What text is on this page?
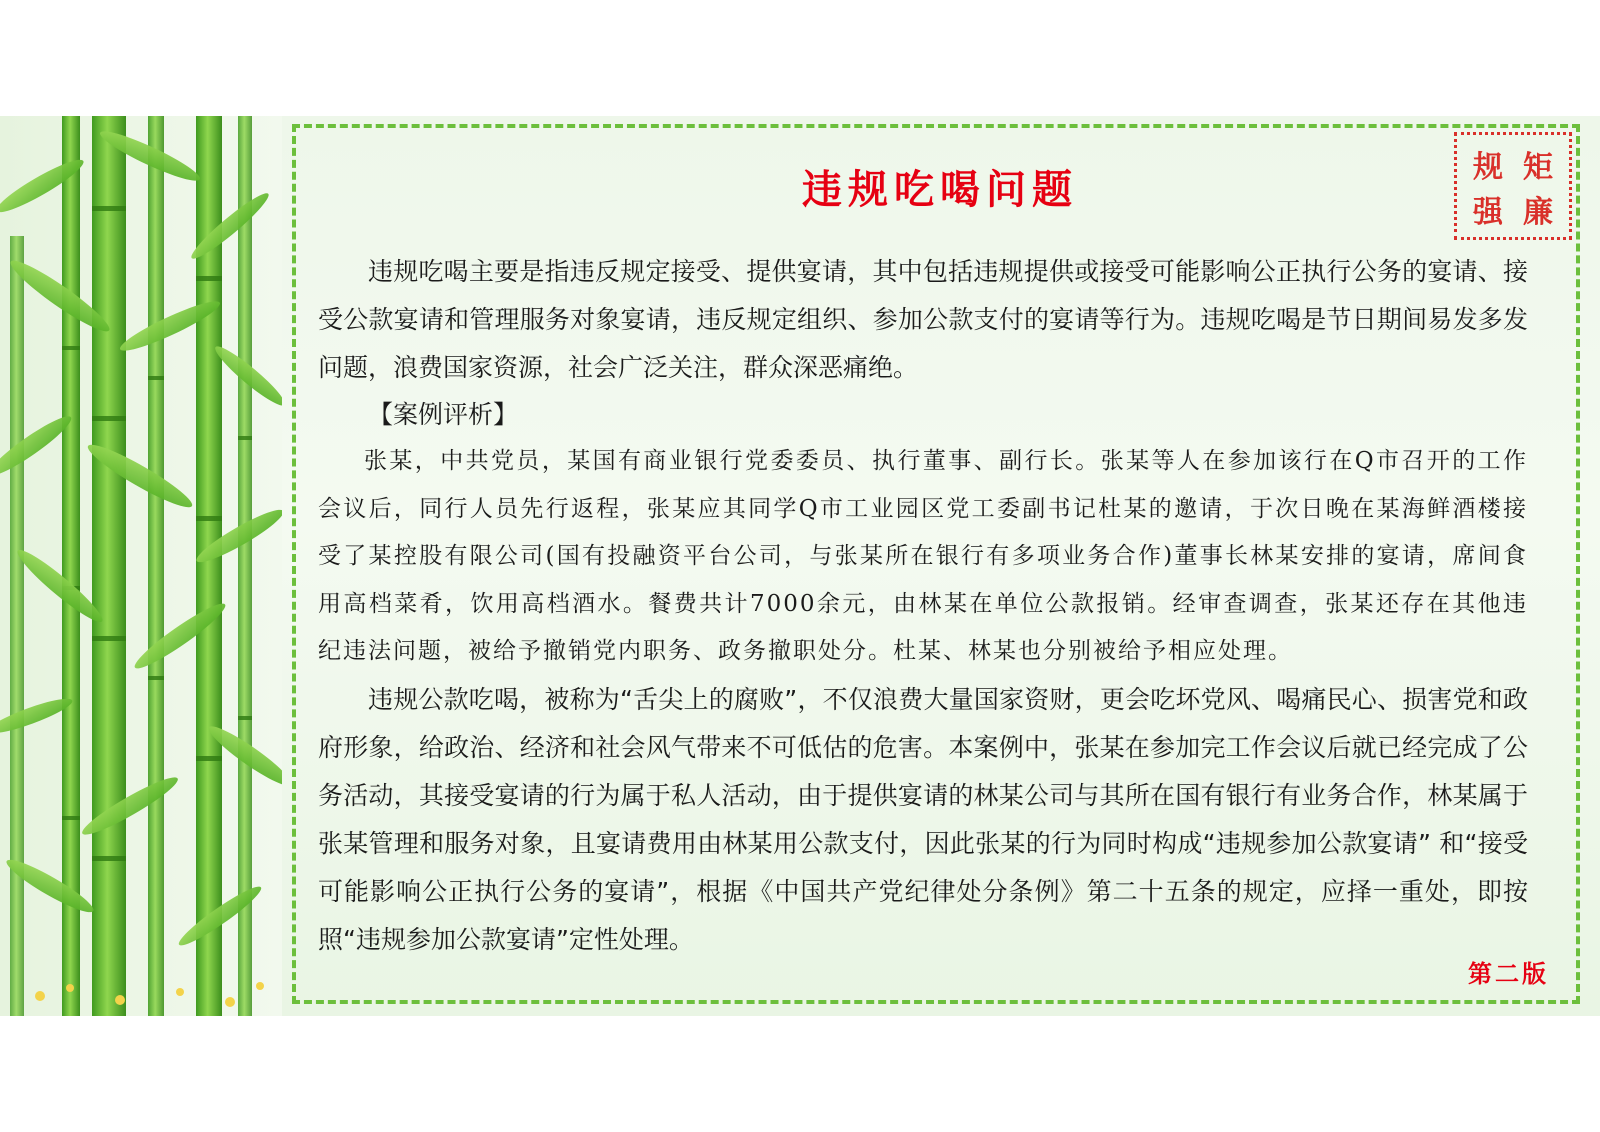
违规吃喝问题	规 矩
强 廉

违规吃喝主要是指违反规定接受、提供宴请，其中包括违规提供或接受可能影响公正执行公务的宴请、接受公款宴请和管理服务对象宴请，违反规定组织、参加公款支付的宴请等行为。违规吃喝是节日期间易发多发问题，浪费国家资源，社会广泛关注，群众深恶痛绝。

【案例评析】

张某，中共党员，某国有商业银行党委委员、执行董事、副行长。张某等人在参加该行在Q市召开的工作会议后，同行人员先行返程，张某应其同学Q市工业园区党工委副书记杜某的邀请，于次日晚在某海鲜酒楼接受了某控股有限公司(国有投融资平台公司，与张某所在银行有多项业务合作)董事长林某安排的宴请，席间食用高档菜肴，饮用高档酒水。餐费共计7000余元，由林某在单位公款报销。经审查调查，张某还存在其他违纪违法问题，被给予撤销党内职务、政务撤职处分。杜某、林某也分别被给予相应处理。

违规公款吃喝，被称为“舌尖上的腐败”，不仅浪费大量国家资财，更会吃坏党风、喝痛民心、损害党和政府形象，给政治、经济和社会风气带来不可低估的危害。本案例中，张某在参加完工作会议后就已经完成了公务活动，其接受宴请的行为属于私人活动，由于提供宴请的林某公司与其所在国有银行有业务合作，林某属于张某管理和服务对象，且宴请费用由林某用公款支付，因此张某的行为同时构成“违规参加公款宴请” 和“接受可能影响公正执行公务的宴请”，根据《中国共产党纪律处分条例》第二十五条的规定，应择一重处，即按照“违规参加公款宴请”定性处理。

第二版
